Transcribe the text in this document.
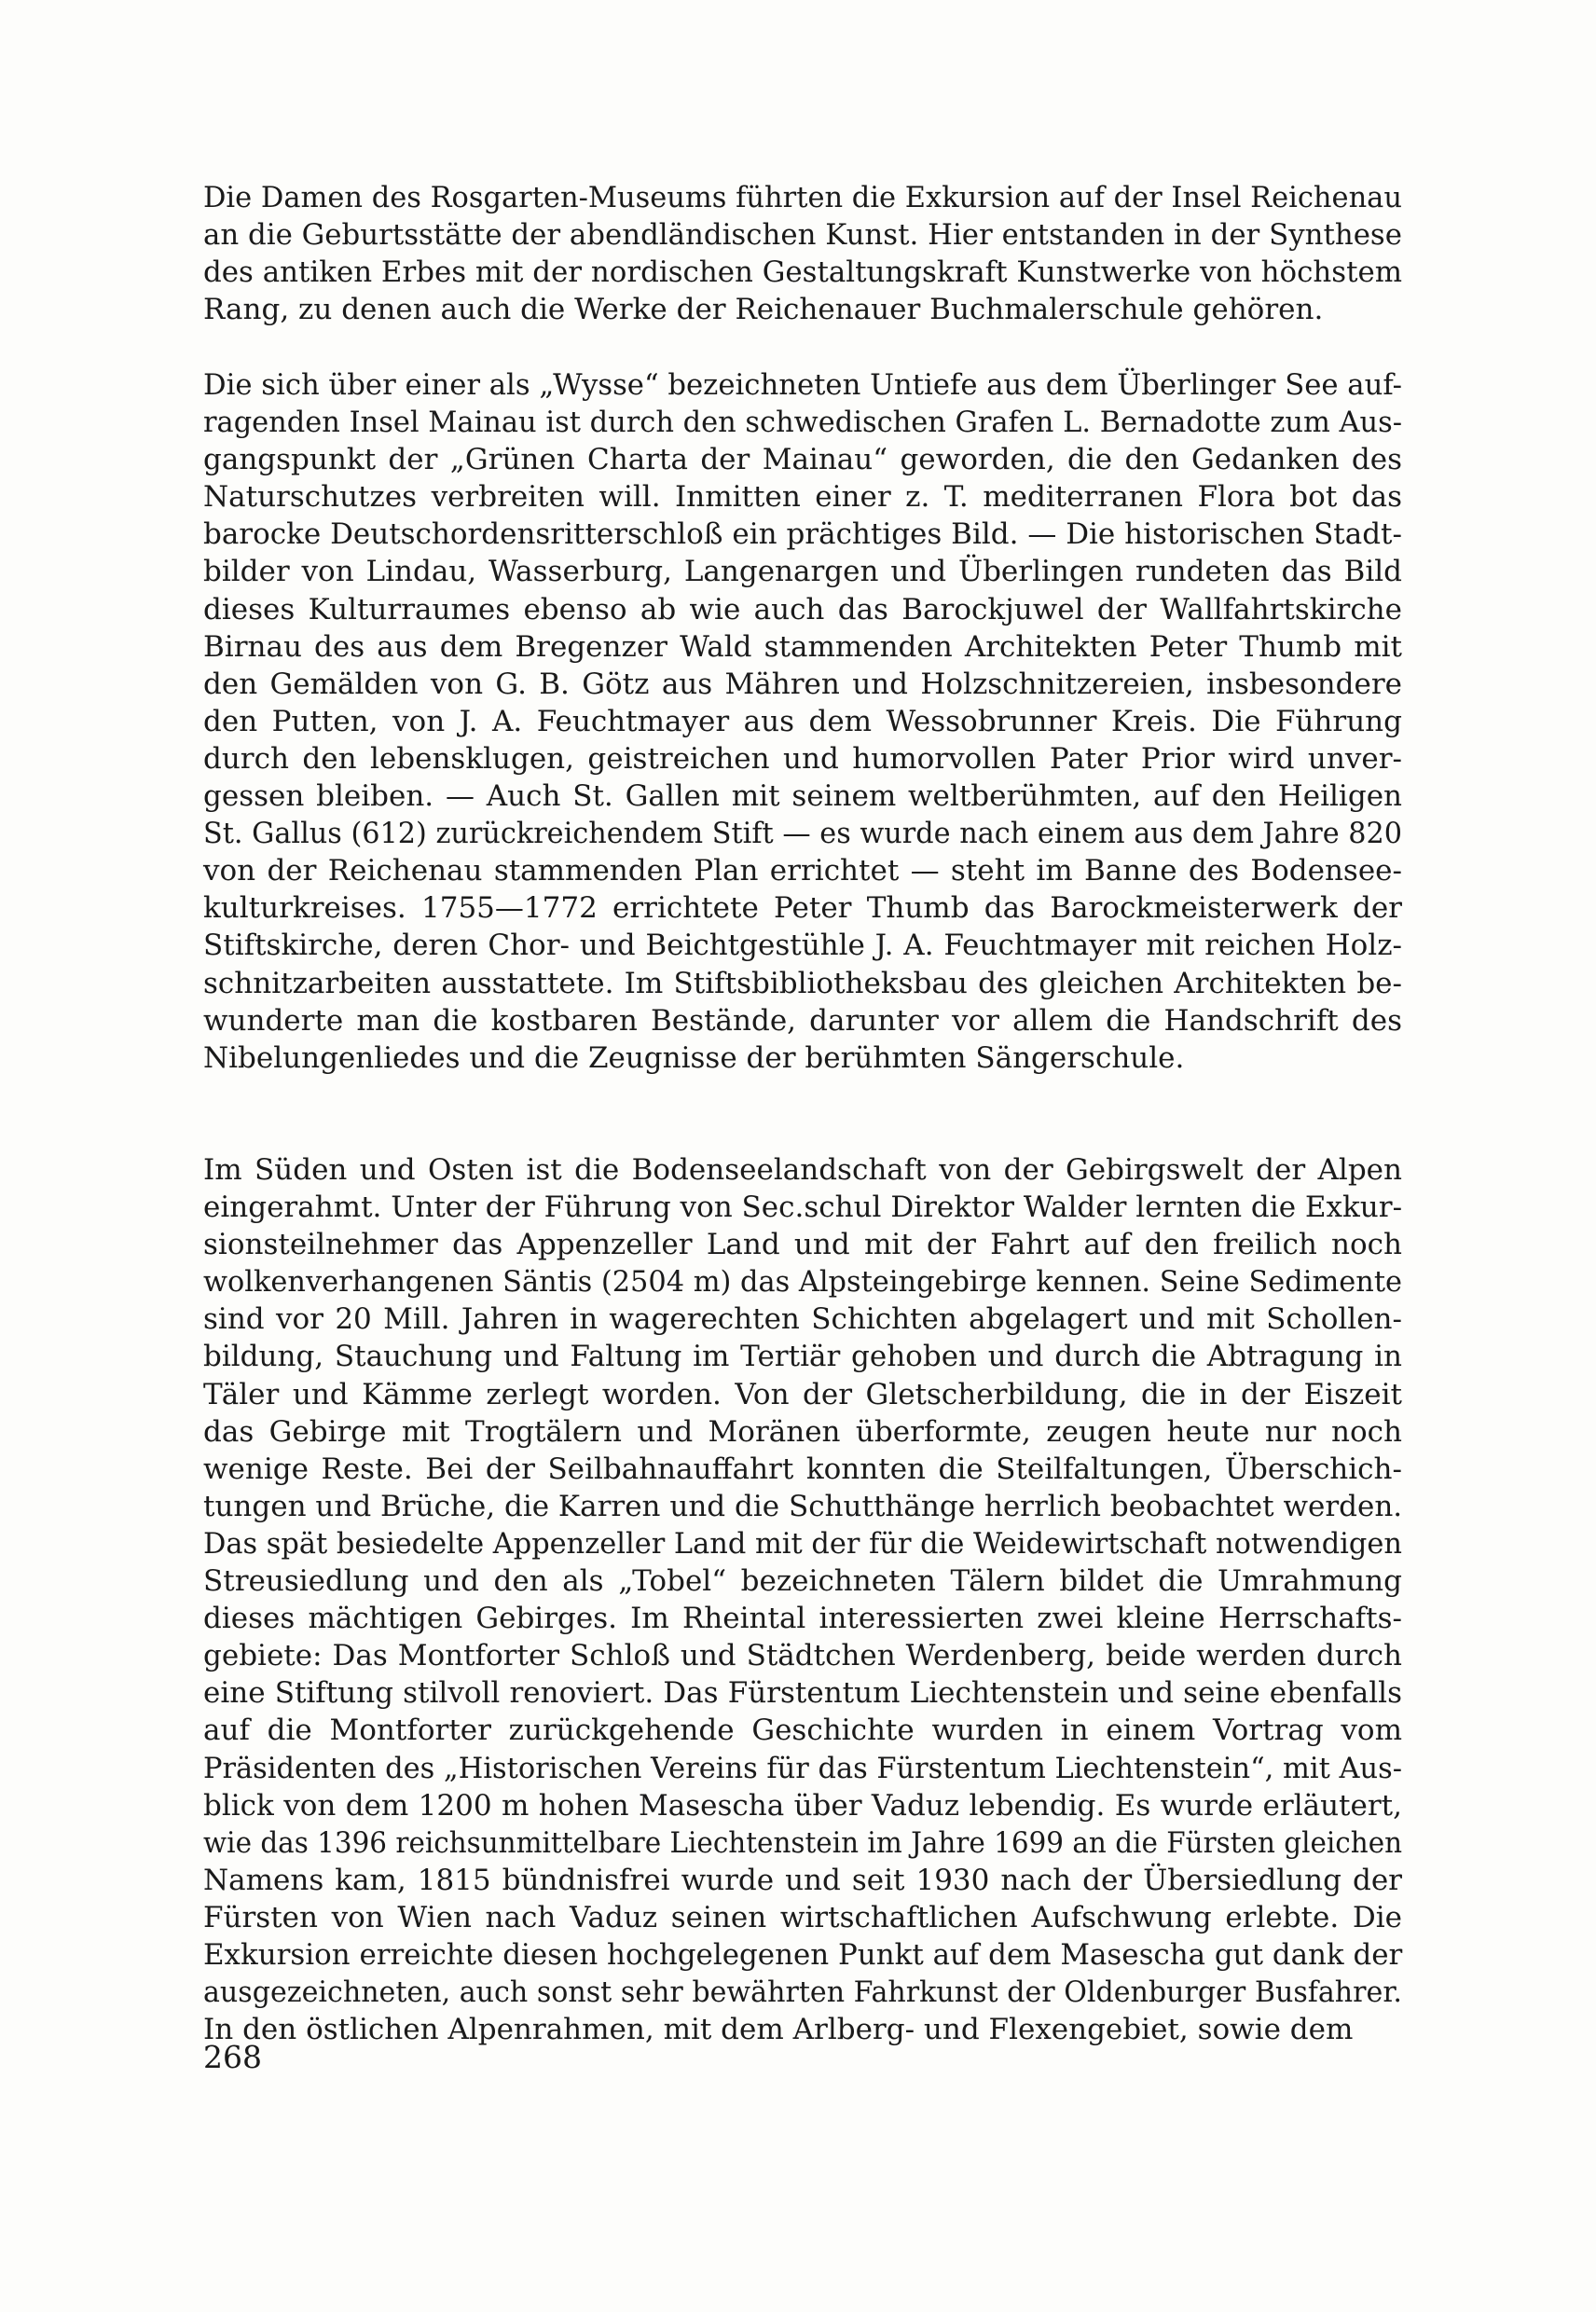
Die Damen des Rosgarten-Museums führten die Exkursion auf der Insel Reichenau
an die Geburtsstätte der abendländischen Kunst. Hier entstanden in der Synthese
des antiken Erbes mit der nordischen Gestaltungskraft Kunstwerke von höchstem
Rang, zu denen auch die Werke der Reichenauer Buchmalerschule gehören.
Die sich über einer als „Wysse“ bezeichneten Untiefe aus dem Überlinger See auf-
ragenden Insel Mainau ist durch den schwedischen Grafen L. Bernadotte zum Aus-
gangspunkt der „Grünen Charta der Mainau“ geworden, die den Gedanken des
Naturschutzes verbreiten will. Inmitten einer z. T. mediterranen Flora bot das
barocke Deutschordensritterschloß ein prächtiges Bild. — Die historischen Stadt-
bilder von Lindau, Wasserburg, Langenargen und Überlingen rundeten das Bild
dieses Kulturraumes ebenso ab wie auch das Barockjuwel der Wallfahrtskirche
Birnau des aus dem Bregenzer Wald stammenden Architekten Peter Thumb mit
den Gemälden von G. B. Götz aus Mähren und Holzschnitzereien, insbesondere
den Putten, von J. A. Feuchtmayer aus dem Wessobrunner Kreis. Die Führung
durch den lebensklugen, geistreichen und humorvollen Pater Prior wird unver-
gessen bleiben. — Auch St. Gallen mit seinem weltberühmten, auf den Heiligen
St. Gallus (612) zurückreichendem Stift — es wurde nach einem aus dem Jahre 820
von der Reichenau stammenden Plan errichtet — steht im Banne des Bodensee-
kulturkreises. 1755—1772 errichtete Peter Thumb das Barockmeisterwerk der
Stiftskirche, deren Chor- und Beichtgestühle J. A. Feuchtmayer mit reichen Holz-
schnitzarbeiten ausstattete. Im Stiftsbibliotheksbau des gleichen Architekten be-
wunderte man die kostbaren Bestände, darunter vor allem die Handschrift des
Nibelungenliedes und die Zeugnisse der berühmten Sängerschule.
Im Süden und Osten ist die Bodenseelandschaft von der Gebirgswelt der Alpen
eingerahmt. Unter der Führung von Sec.schul Direktor Walder lernten die Exkur-
sionsteilnehmer das Appenzeller Land und mit der Fahrt auf den freilich noch
wolkenverhangenen Säntis (2504 m) das Alpsteingebirge kennen. Seine Sedimente
sind vor 20 Mill. Jahren in wagerechten Schichten abgelagert und mit Schollen-
bildung, Stauchung und Faltung im Tertiär gehoben und durch die Abtragung in
Täler und Kämme zerlegt worden. Von der Gletscherbildung, die in der Eiszeit
das Gebirge mit Trogtälern und Moränen überformte, zeugen heute nur noch
wenige Reste. Bei der Seilbahnauffahrt konnten die Steilfaltungen, Überschich-
tungen und Brüche, die Karren und die Schutthänge herrlich beobachtet werden.
Das spät besiedelte Appenzeller Land mit der für die Weidewirtschaft notwendigen
Streusiedlung und den als „Tobel“ bezeichneten Tälern bildet die Umrahmung
dieses mächtigen Gebirges. Im Rheintal interessierten zwei kleine Herrschafts-
gebiete: Das Montforter Schloß und Städtchen Werdenberg, beide werden durch
eine Stiftung stilvoll renoviert. Das Fürstentum Liechtenstein und seine ebenfalls
auf die Montforter zurückgehende Geschichte wurden in einem Vortrag vom
Präsidenten des „Historischen Vereins für das Fürstentum Liechtenstein“, mit Aus-
blick von dem 1200 m hohen Masescha über Vaduz lebendig. Es wurde erläutert,
wie das 1396 reichsunmittelbare Liechtenstein im Jahre 1699 an die Fürsten gleichen
Namens kam, 1815 bündnisfrei wurde und seit 1930 nach der Übersiedlung der
Fürsten von Wien nach Vaduz seinen wirtschaftlichen Aufschwung erlebte. Die
Exkursion erreichte diesen hochgelegenen Punkt auf dem Masescha gut dank der
ausgezeichneten, auch sonst sehr bewährten Fahrkunst der Oldenburger Busfahrer.
In den östlichen Alpenrahmen, mit dem Arlberg- und Flexengebiet, sowie dem
268
